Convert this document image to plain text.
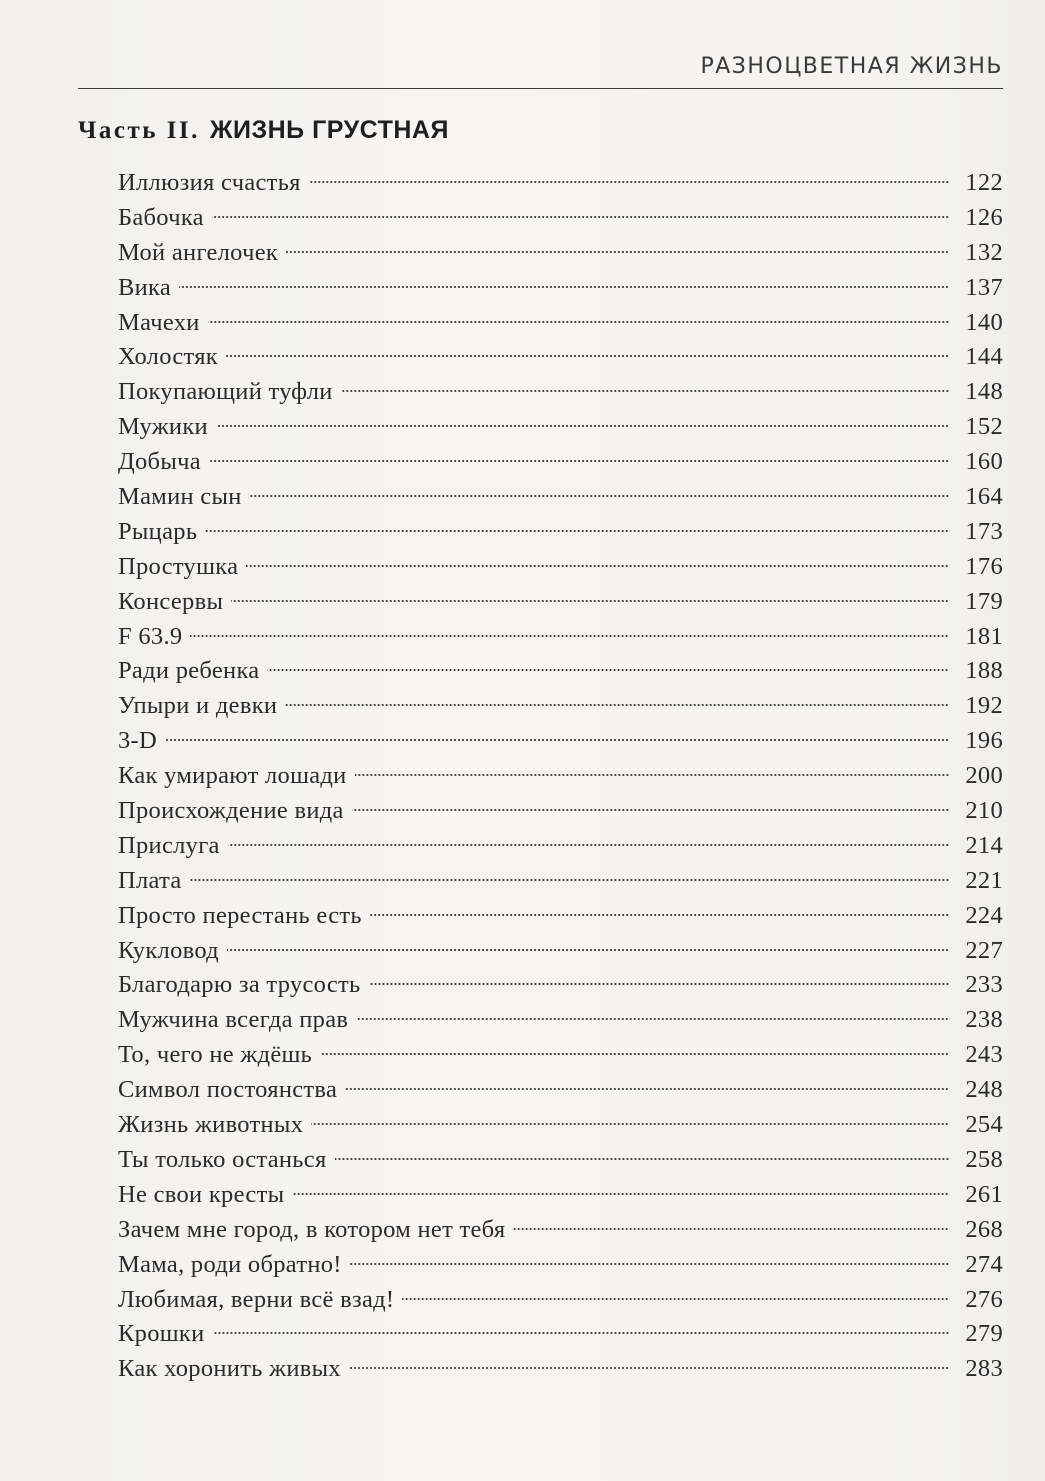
РАЗНОЦВЕТНАЯ ЖИЗНЬ
Часть II. ЖИЗНЬ ГРУСТНАЯ
Иллюзия счастья	122
Бабочка	126
Мой ангелочек	132
Вика	137
Мачехи	140
Холостяк	144
Покупающий туфли	148
Мужики	152
Добыча	160
Мамин сын	164
Рыцарь	173
Простушка	176
Консервы	179
F 63.9	181
Ради ребенка	188
Упыри и девки	192
3-D	196
Как умирают лошади	200
Происхождение вида	210
Прислуга	214
Плата	221
Просто перестань есть	224
Кукловод	227
Благодарю за трусость	233
Мужчина всегда прав	238
То, чего не ждёшь	243
Символ постоянства	248
Жизнь животных	254
Ты только останься	258
Не свои кресты	261
Зачем мне город, в котором нет тебя	268
Мама, роди обратно!	274
Любимая, верни всё взад!	276
Крошки	279
Как хоронить живых	283
